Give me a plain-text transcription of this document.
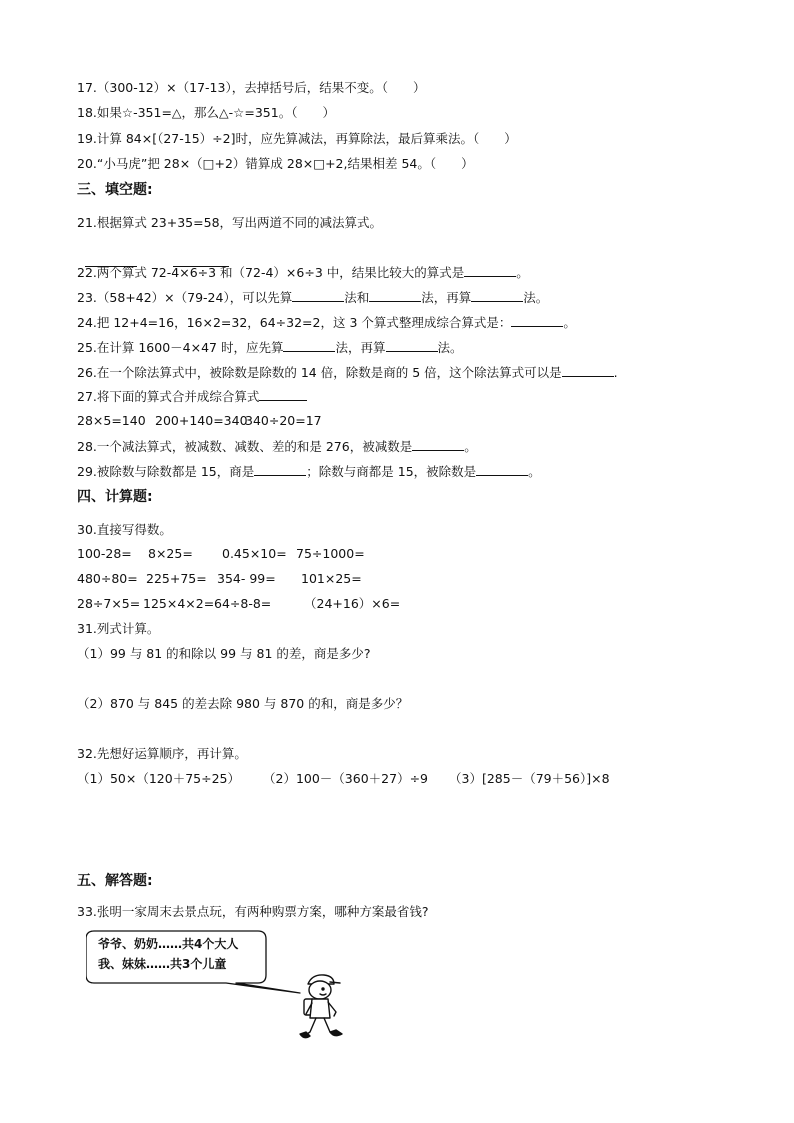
17.（300-12）×（17-13），去掉括号后，结果不变。（　　）
18.如果☆-351=△，那么△-☆=351。（　　）
19.计算 84×[（27-15）÷2]时，应先算减法，再算除法，最后算乘法。（　　）
20.“小马虎”把 28×（□+2）错算成 28×□+2,结果相差 54。（　　）
三、填空题:
21.根据算式 23+35=58，写出两道不同的减法算式。

22.两个算式 72-4×6÷3 和（72-4）×6÷3 中，结果比较大的算式是	。
23.（58+42）×（79-24），可以先算	法和	法，再算	法。
24.把 12+4=16，16×2=32，64÷32=2，这 3 个算式整理成综合算式是：	。
25.在计算 1600－4×47 时，应先算	法，再算	法。
26.在一个除法算式中，被除数是除数的 14 倍，除数是商的 5 倍，这个除法算式可以是	.
27.将下面的算式合并成综合算式
28×5=140 200+140=340340÷20=17
28.一个减法算式，被减数、减数、差的和是 276，被减数是	。
29.被除数与除数都是 15，商是	；除数与商都是 15，被除数是	。
四、计算题:
30.直接写得数。
100-28= 8×25= 0.45×10= 75÷1000=
480÷80= 225+75= 354- 99= 101×25=
28÷7×5= 125×4×2=64÷8-8=	（24+16）×6=
31.列式计算。
（1）99 与 81 的和除以 99 与 81 的差，商是多少?
（2）870 与 845 的差去除 980 与 870 的和，商是多少？
32.先想好运算顺序，再计算。
（1）50×（120＋75÷25） （2）100－（360＋27）÷9 （3）[285－（79＋56）]×8
五、解答题:
33.张明一家周末去景点玩，有两种购票方案，哪种方案最省钱?
爷爷、奶奶……共4个大人
我、妹妹……共3个儿童
